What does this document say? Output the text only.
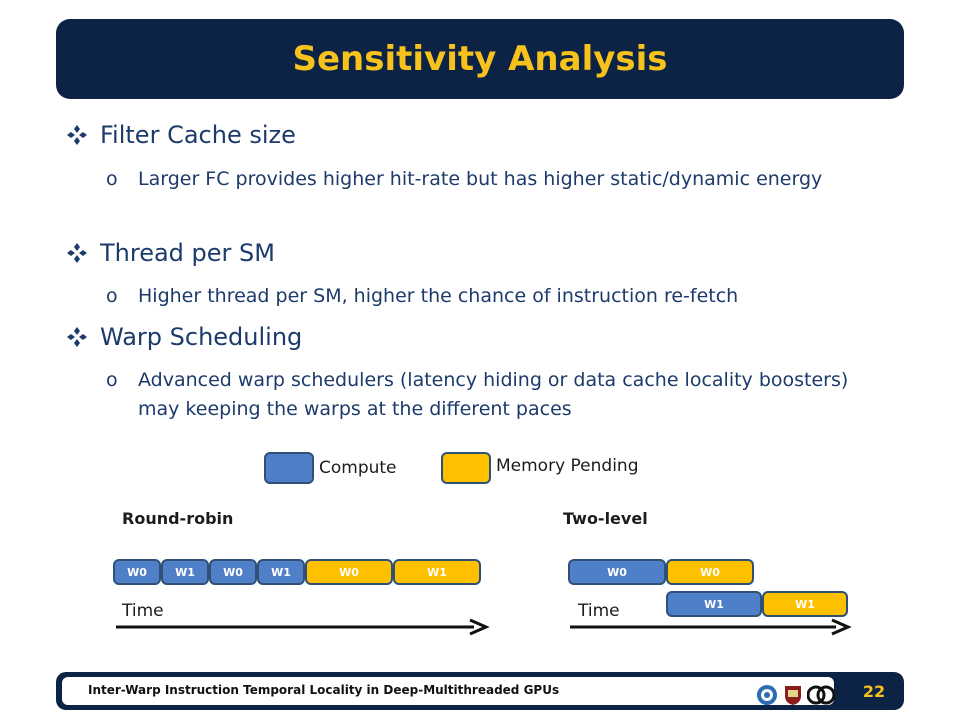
Sensitivity Analysis
Filter Cache size
o	Larger FC provides higher hit-rate but has higher static/dynamic energy
Thread per SM
o	Higher thread per SM, higher the chance of instruction re-fetch
Warp Scheduling
o	Advanced warp schedulers (latency hiding or data cache locality boosters) may keeping the warps at the different paces
Compute	Memory Pending
Round-robin
W0	W1	W0	W1	W0	W1
Time
Two-level
W0	W0
W1	W1
Time
Inter-Warp Instruction Temporal Locality in Deep-Multithreaded GPUs	22
